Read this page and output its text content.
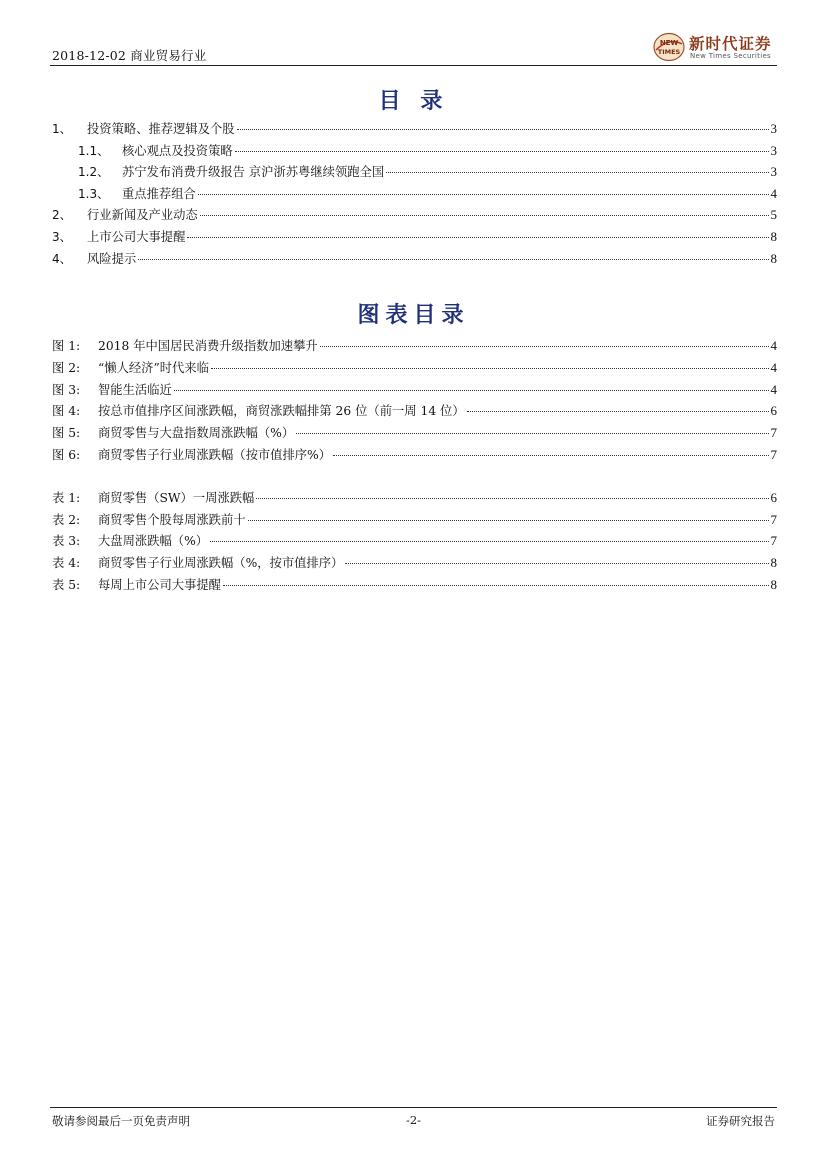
2018-12-02 商业贸易行业
NEW
TIMES 新时代证券
New Times Securities
目 录
1、 投资策略、推荐逻辑及个股	3
1.1、 核心观点及投资策略	3
1.2、 苏宁发布消费升级报告 京沪浙苏粤继续领跑全国	3
1.3、 重点推荐组合	4
2、 行业新闻及产业动态	5
3、 上市公司大事提醒	8
4、 风险提示	8
图表目录
图 1:	2018 年中国居民消费升级指数加速攀升	4
图 2:	“懒人经济”时代来临	4
图 3:	智能生活临近	4
图 4:	按总市值排序区间涨跌幅，商贸涨跌幅排第 26 位（前一周 14 位）	6
图 5:	商贸零售与大盘指数周涨跌幅（%）	7
图 6:	商贸零售子行业周涨跌幅（按市值排序%）	7
表 1:	商贸零售（SW）一周涨跌幅	6
表 2:	商贸零售个股每周涨跌前十	7
表 3:	大盘周涨跌幅（%）	7
表 4:	商贸零售子行业周涨跌幅（%，按市值排序）	8
表 5:	每周上市公司大事提醒	8
敬请参阅最后一页免责声明	-2-	证券研究报告
